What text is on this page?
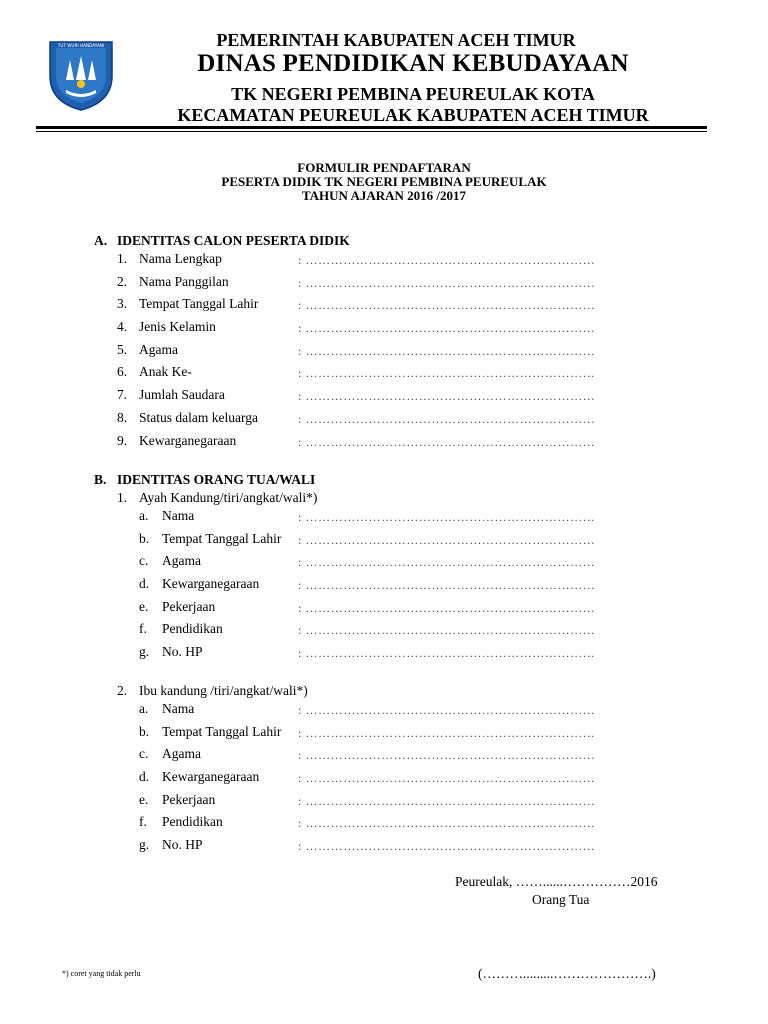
TUT WURI HANDAYANI	PEMERINTAH KABUPATEN ACEH TIMUR
DINAS PENDIDIKAN KEBUDAYAAN
TK NEGERI PEMBINA PEUREULAK KOTA
KECAMATAN PEUREULAK KABUPATEN ACEH TIMUR
FORMULIR PENDAFTARAN
PESERTA DIDIK TK NEGERI PEMBINA PEUREULAK
TAHUN AJARAN 2016 /2017
A. IDENTITAS CALON PESERTA DIDIK
1. Nama Lengkap	: ……………………………………………………………
2. Nama Panggilan	: ……………………………………………………………
3. Tempat Tanggal Lahir	: ……………………………………………………………
4. Jenis Kelamin	: ……………………………………………………………
5. Agama	: ……………………………………………………………
6. Anak Ke-	: ……………………………………………………………
7. Jumlah Saudara	: ……………………………………………………………
8. Status dalam keluarga	: ……………………………………………………………
9. Kewarganegaraan	: ……………………………………………………………
B. IDENTITAS ORANG TUA/WALI
1. Ayah Kandung/tiri/angkat/wali*)
a.	Nama	: ……………………………………………………………
b. Tempat Tanggal Lahir : ……………………………………………………………
c.	Agama	: ……………………………………………………………
d. Kewarganegaraan	: ……………………………………………………………
e.	Pekerjaan	: ……………………………………………………………
f.	Pendidikan	: ……………………………………………………………
g. No. HP	: ……………………………………………………………
2. Ibu kandung /tiri/angkat/wali*)
a.	Nama	: ……………………………………………………………
b. Tempat Tanggal Lahir : ……………………………………………………………
c.	Agama	: ……………………………………………………………
d. Kewarganegaraan	: ……………………………………………………………
e.	Pekerjaan	: ……………………………………………………………
f.	Pendidikan	: ……………………………………………………………
g. No. HP	: ……………………………………………………………
Peureulak, ……......……………2016
Orang Tua
(……….........………………….)
*) coret yang tidak perlu
